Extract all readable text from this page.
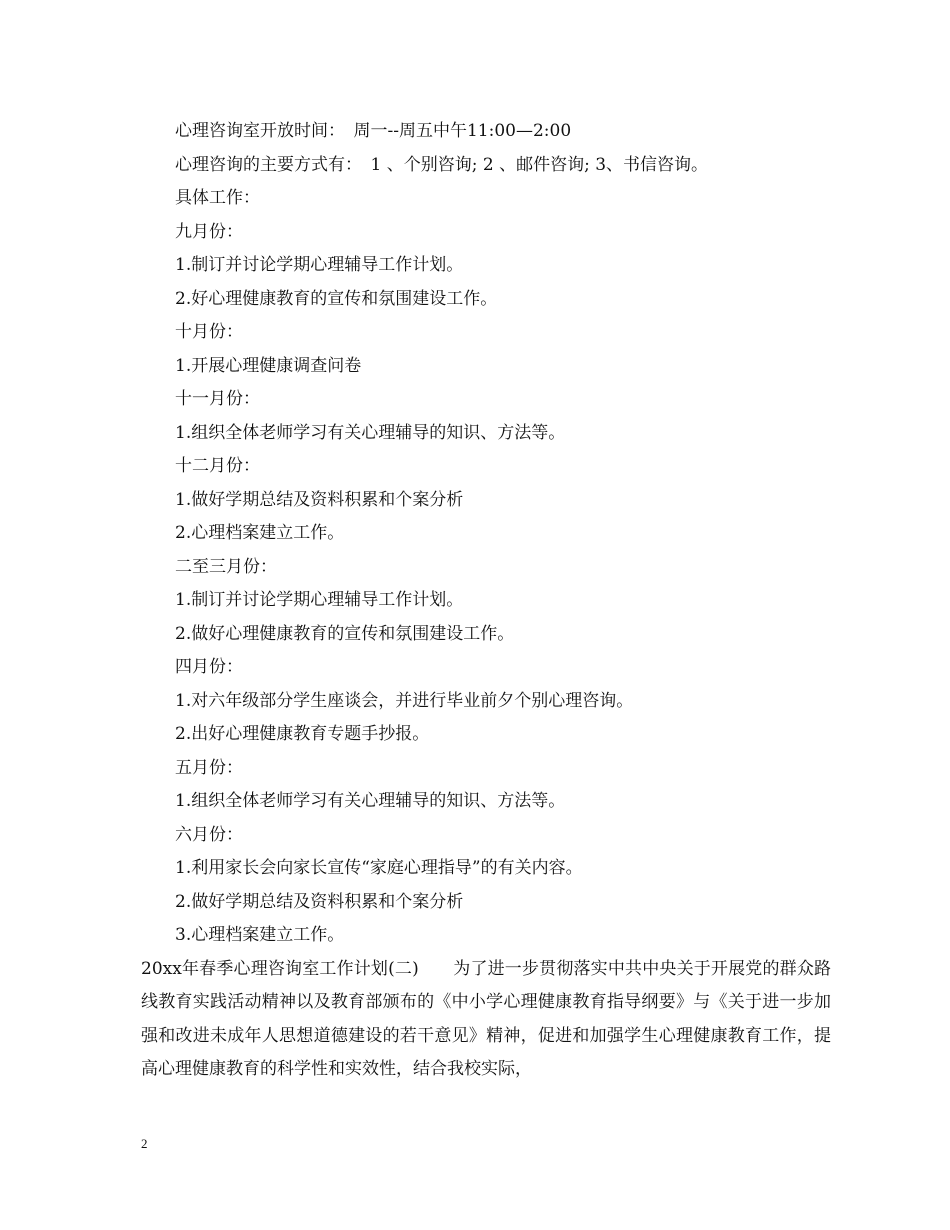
心理咨询室开放时间：　周一--周五中午11:00—2:00
心理咨询的主要方式有：　1 、个别咨询; 2 、邮件咨询; 3、书信咨询。
具体工作：
九月份：
1.制订并讨论学期心理辅导工作计划。
2.好心理健康教育的宣传和氛围建设工作。
十月份：
1.开展心理健康调查问卷
十一月份：
1.组织全体老师学习有关心理辅导的知识、方法等。
十二月份：
1.做好学期总结及资料积累和个案分析
2.心理档案建立工作。
二至三月份：
1.制订并讨论学期心理辅导工作计划。
2.做好心理健康教育的宣传和氛围建设工作。
四月份：
1.对六年级部分学生座谈会，并进行毕业前夕个别心理咨询。
2.出好心理健康教育专题手抄报。
五月份：
1.组织全体老师学习有关心理辅导的知识、方法等。
六月份：
1.利用家长会向家长宣传“家庭心理指导”的有关内容。
2.做好学期总结及资料积累和个案分析
3.心理档案建立工作。

20xx年春季心理咨询室工作计划(二)　　为了进一步贯彻落实中共中央关于开展党的群众路线教育实践活动精神以及教育部颁布的《中小学心理健康教育指导纲要》与《关于进一步加强和改进未成年人思想道德建设的若干意见》精神，促进和加强学生心理健康教育工作，提高心理健康教育的科学性和实效性，结合我校实际，

2
